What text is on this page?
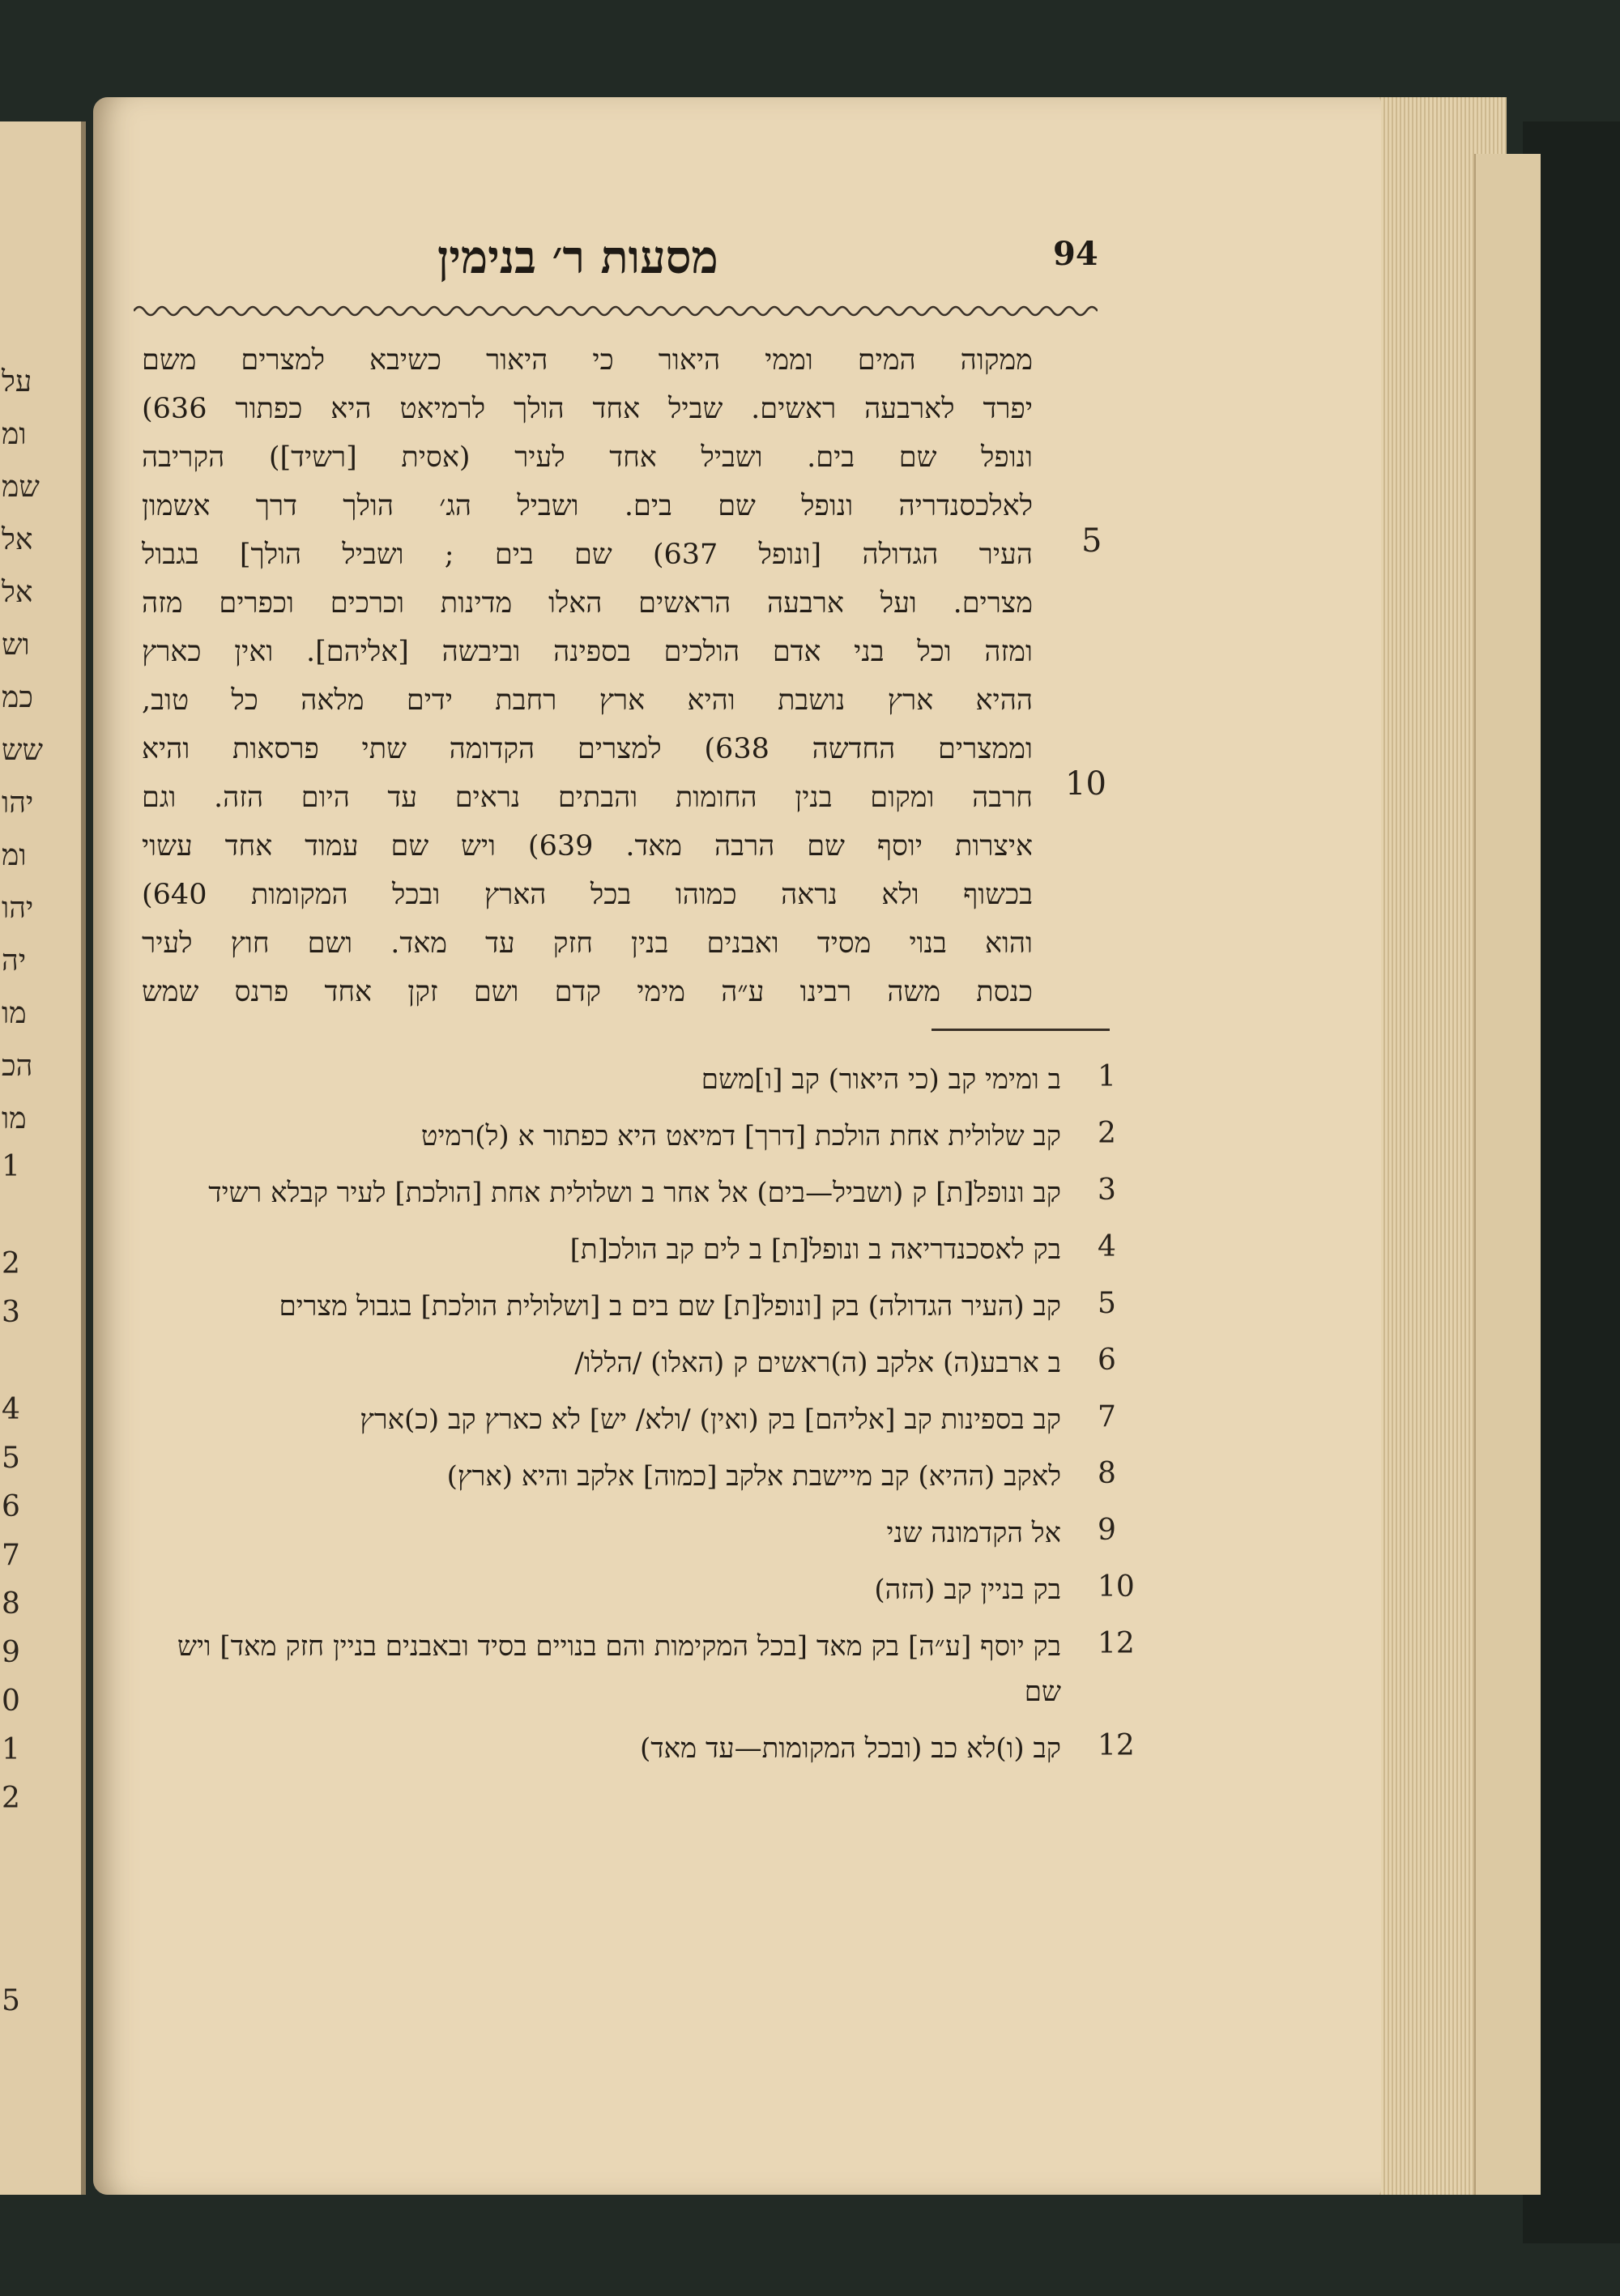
על
ומ
שמ
אל
אל
וש
כמ
שש
יהו
ומ
יהו
יה
מו
הכ
מו
1
2
3
4
5
6
7
8
9
0
1
2
5
מסעות ר׳ בנימין	94
ממקוה המים וממי היאור כי היאור כשיבא למצרים משם
יפרד לארבעה ראשים. שביל אחד הולך לרמיאט היא כפתור 636)
ונופל שם בים. ושביל אחד לעיר (אסית [רשיד]) הקריבה
לאלכסנדריה ונופל שם בים. ושביל הג׳ הולך דרך אשמון
העיר הגדולה [ונופל 637) שם בים ; ושביל הולך] בגבול
מצרים. ועל ארבעה הראשים האלו מדינות וכרכים וכפרים מזה
ומזה וכל בני אדם הולכים בספינה וביבשה [אליהם]. ואין כארץ
ההיא ארץ נושבת והיא ארץ רחבת ידים מלאה כל טוב,
וממצרים החדשה 638) למצרים הקדומה שתי פרסאות והיא
חרבה ומקום בנין החומות והבתים נראים עד היום הזה. וגם
איצרות יוסף שם הרבה מאד. 639) ויש שם עמוד אחד עשוי
בכשוף ולא נראה כמוהו בכל הארץ ובכל המקומות 640)
והוא בנוי מסיד ואבנים בנין חזק עד מאד. ושם חוץ לעיר
כנסת משה רבינו ע״ה מימי קדם ושם זקן אחד פרנס שמש
5
10
1
ב ומימי קב (כי היאור) קב [ו]משם
2
קב שלולית אחת הולכת [דרך] דמיאט היא כפתור א (ל)רמיט
3
קב ונופל[ת] ק (ושביל—בים) אל אחר ב ושלולית אחת [הולכת] לעיר קבלא רשיד
4
בק לאסכנדריאה ב ונופל[ת] ב לים קב הולכ[ת]
5
קב (העיר הגדולה) בק [ונופל[ת] שם בים ב [ושלולית הולכת] בגבול מצרים
6
ב ארבע(ה) אלקב (ה)ראשים ק (האלו) /הללו/
7
קב בספינות קב [אליהם] בק (ואין) /ולא/ יש] לא כארץ קב (כ)ארץ
8
לאקב (ההיא) קב מיישבת אלקב [כמוה] אלקב והיא (ארץ)
9
אל הקדמונה שני
10
בק בניין קב (הזה)
12
בק יוסף [ע״ה] בק מאד [בכל המקימות והם בנויים בסיד ובאבנים בניין חזק מאד] ויש שם
12
קב (ו)לא כב (ובכל המקומות—עד מאד)
